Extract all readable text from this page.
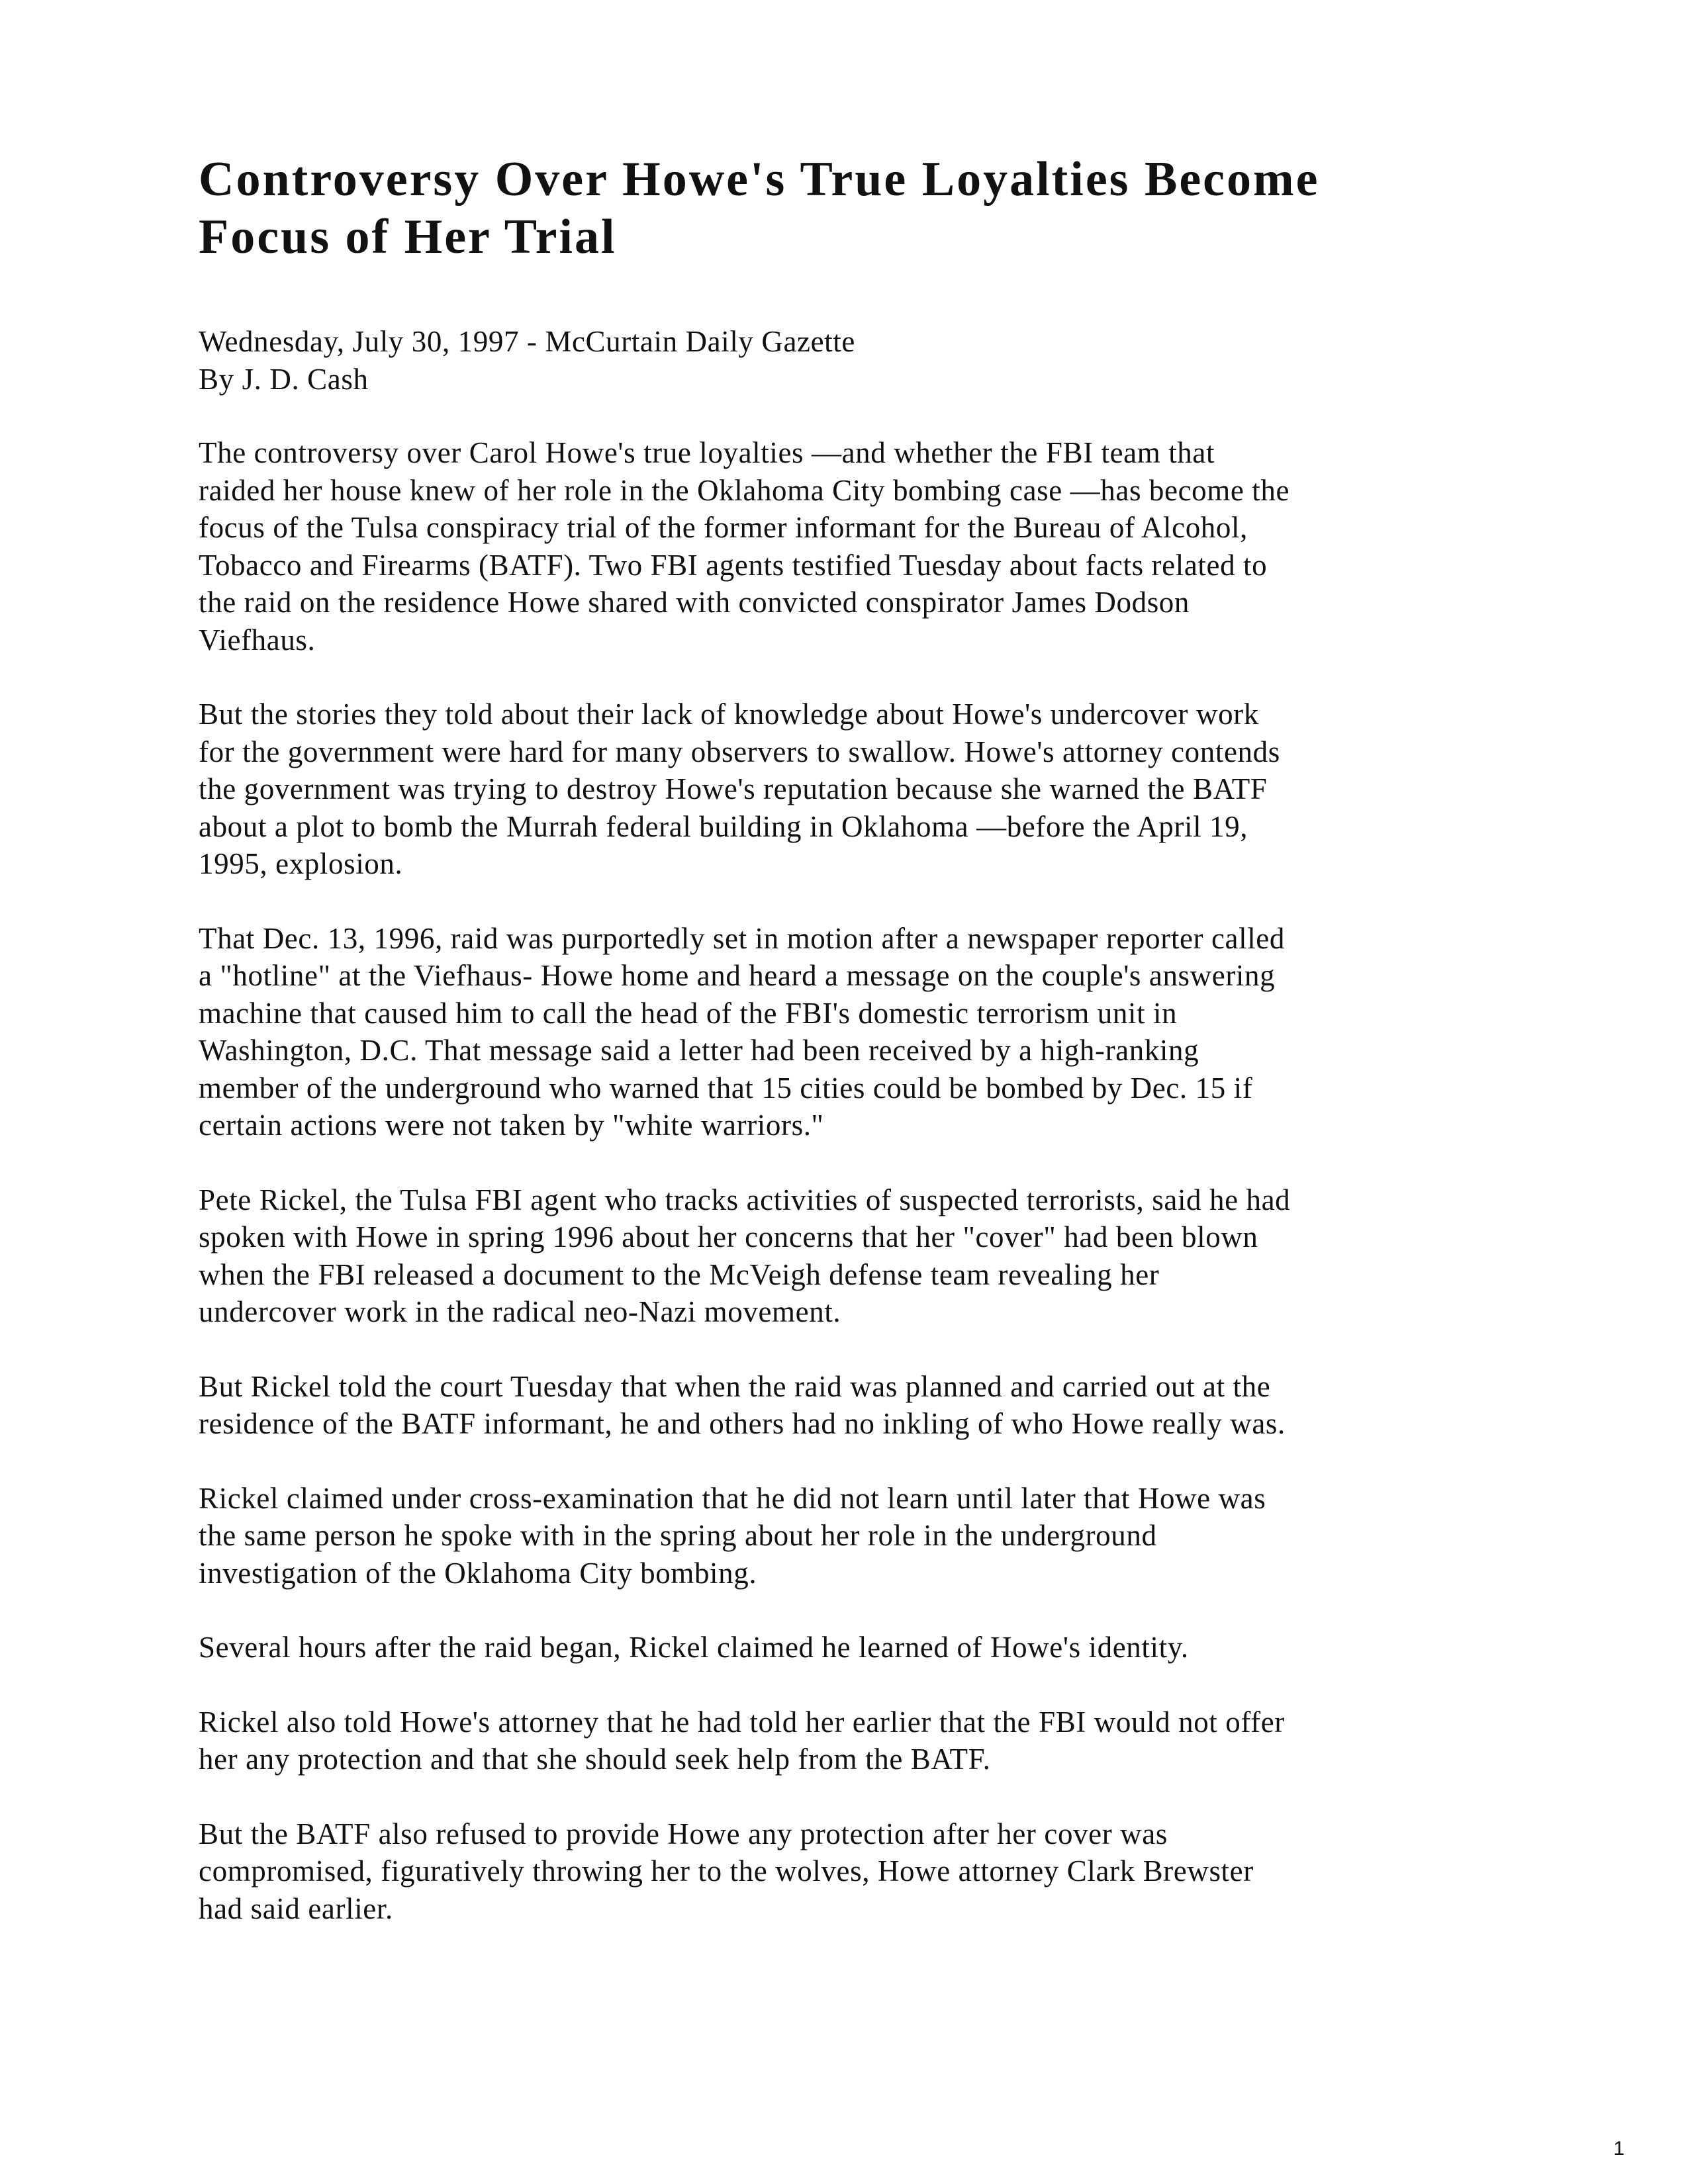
Controversy Over Howe's True Loyalties Become
Focus of Her Trial
Wednesday, July 30, 1997 - McCurtain Daily Gazette
By J. D. Cash

The controversy over Carol Howe's true loyalties —and whether the FBI team that
raided her house knew of her role in the Oklahoma City bombing case —has become the
focus of the Tulsa conspiracy trial of the former informant for the Bureau of Alcohol,
Tobacco and Firearms (BATF). Two FBI agents testified Tuesday about facts related to
the raid on the residence Howe shared with convicted conspirator James Dodson
Viefhaus.

But the stories they told about their lack of knowledge about Howe's undercover work
for the government were hard for many observers to swallow. Howe's attorney contends
the government was trying to destroy Howe's reputation because she warned the BATF
about a plot to bomb the Murrah federal building in Oklahoma —before the April 19,
1995, explosion.

That Dec. 13, 1996, raid was purportedly set in motion after a newspaper reporter called
a "hotline" at the Viefhaus- Howe home and heard a message on the couple's answering
machine that caused him to call the head of the FBI's domestic terrorism unit in
Washington, D.C. That message said a letter had been received by a high-ranking
member of the underground who warned that 15 cities could be bombed by Dec. 15 if
certain actions were not taken by "white warriors."

Pete Rickel, the Tulsa FBI agent who tracks activities of suspected terrorists, said he had
spoken with Howe in spring 1996 about her concerns that her "cover" had been blown
when the FBI released a document to the McVeigh defense team revealing her
undercover work in the radical neo-Nazi movement.

But Rickel told the court Tuesday that when the raid was planned and carried out at the
residence of the BATF informant, he and others had no inkling of who Howe really was.

Rickel claimed under cross-examination that he did not learn until later that Howe was
the same person he spoke with in the spring about her role in the underground
investigation of the Oklahoma City bombing.

Several hours after the raid began, Rickel claimed he learned of Howe's identity.

Rickel also told Howe's attorney that he had told her earlier that the FBI would not offer
her any protection and that she should seek help from the BATF.

But the BATF also refused to provide Howe any protection after her cover was
compromised, figuratively throwing her to the wolves, Howe attorney Clark Brewster
had said earlier.

1
